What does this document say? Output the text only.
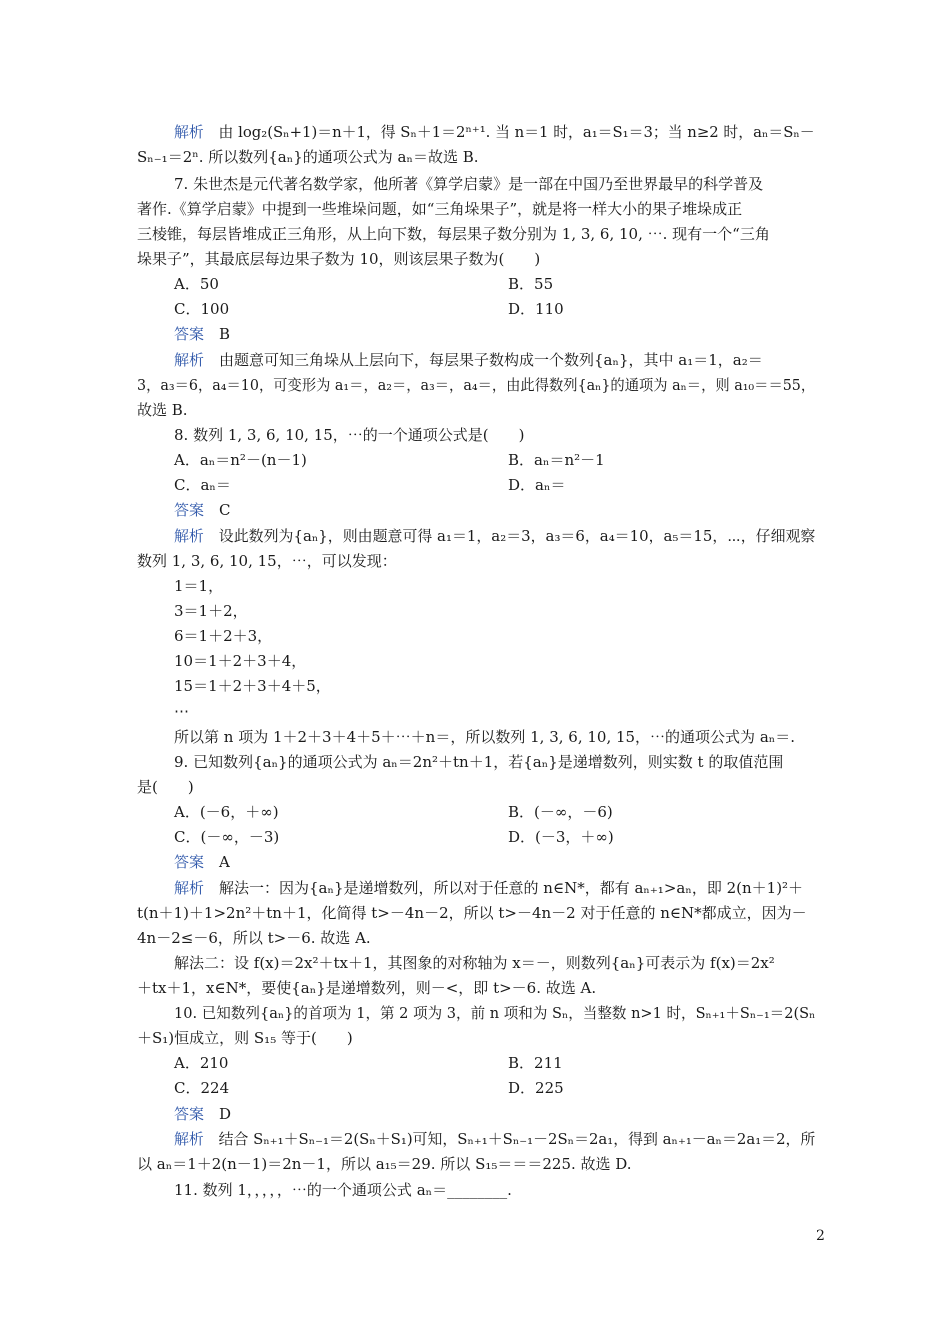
解析　由 log₂(Sₙ+1)＝n＋1，得 Sₙ＋1＝2ⁿ⁺¹. 当 n＝1 时，a₁＝S₁＝3；当 n≥2 时，aₙ＝Sₙ－
Sₙ₋₁＝2ⁿ. 所以数列{aₙ}的通项公式为 aₙ＝故选 B.
7. 朱世杰是元代著名数学家，他所著《算学启蒙》是一部在中国乃至世界最早的科学普及
著作.《算学启蒙》中提到一些堆垛问题，如“三角垛果子”，就是将一样大小的果子堆垛成正
三棱锥，每层皆堆成正三角形，从上向下数，每层果子数分别为 1, 3, 6, 10, ⋯. 现有一个“三角
垛果子”，其最底层每边果子数为 10，则该层果子数为(　　)
A．50	B．55
C．100	D．110
答案　B
解析　由题意可知三角垛从上层向下，每层果子数构成一个数列{aₙ}，其中 a₁＝1，a₂＝
3，a₃＝6，a₄＝10，可变形为 a₁＝，a₂＝，a₃＝，a₄＝，由此得数列{aₙ}的通项为 aₙ＝，则 a₁₀＝＝55，
故选 B.
8. 数列 1, 3, 6, 10, 15，⋯的一个通项公式是(　　)
A．aₙ＝n²－(n－1)	B．aₙ＝n²－1
C．aₙ＝	D．aₙ＝
答案　C
解析　设此数列为{aₙ}，则由题意可得 a₁＝1，a₂＝3，a₃＝6，a₄＝10，a₅＝15，⋯，仔细观察
数列 1, 3, 6, 10, 15，⋯，可以发现：
1＝1，
3＝1＋2，
6＝1＋2＋3，
10＝1＋2＋3＋4，
15＝1＋2＋3＋4＋5，
⋯
所以第 n 项为 1＋2＋3＋4＋5＋⋯＋n＝，所以数列 1, 3, 6, 10, 15，⋯的通项公式为 aₙ＝.
9. 已知数列{aₙ}的通项公式为 aₙ＝2n²＋tn＋1，若{aₙ}是递增数列，则实数 t 的取值范围
是(　　)
A．(－6，＋∞)	B．(－∞，－6)
C．(－∞，－3)	D．(－3，＋∞)
答案　A
解析　解法一：因为{aₙ}是递增数列，所以对于任意的 n∈N*，都有 aₙ₊₁>aₙ，即 2(n＋1)²＋
t(n＋1)＋1>2n²＋tn＋1，化简得 t>－4n－2，所以 t>－4n－2 对于任意的 n∈N*都成立，因为－
4n－2≤－6，所以 t>－6. 故选 A.
解法二：设 f(x)＝2x²＋tx＋1，其图象的对称轴为 x＝－，则数列{aₙ}可表示为 f(x)＝2x²
＋tx＋1，x∈N*，要使{aₙ}是递增数列，则－<，即 t>－6. 故选 A.
10. 已知数列{aₙ}的首项为 1，第 2 项为 3，前 n 项和为 Sₙ，当整数 n>1 时，Sₙ₊₁＋Sₙ₋₁＝2(Sₙ
＋S₁)恒成立，则 S₁₅ 等于(　　)
A．210	B．211
C．224	D．225
答案　D
解析　结合 Sₙ₊₁＋Sₙ₋₁＝2(Sₙ＋S₁)可知，Sₙ₊₁＋Sₙ₋₁－2Sₙ＝2a₁，得到 aₙ₊₁－aₙ＝2a₁＝2，所
以 aₙ＝1＋2(n－1)＝2n－1，所以 a₁₅＝29. 所以 S₁₅＝＝＝225. 故选 D.
11. 数列 1，，，，，⋯的一个通项公式 aₙ＝________.
2
